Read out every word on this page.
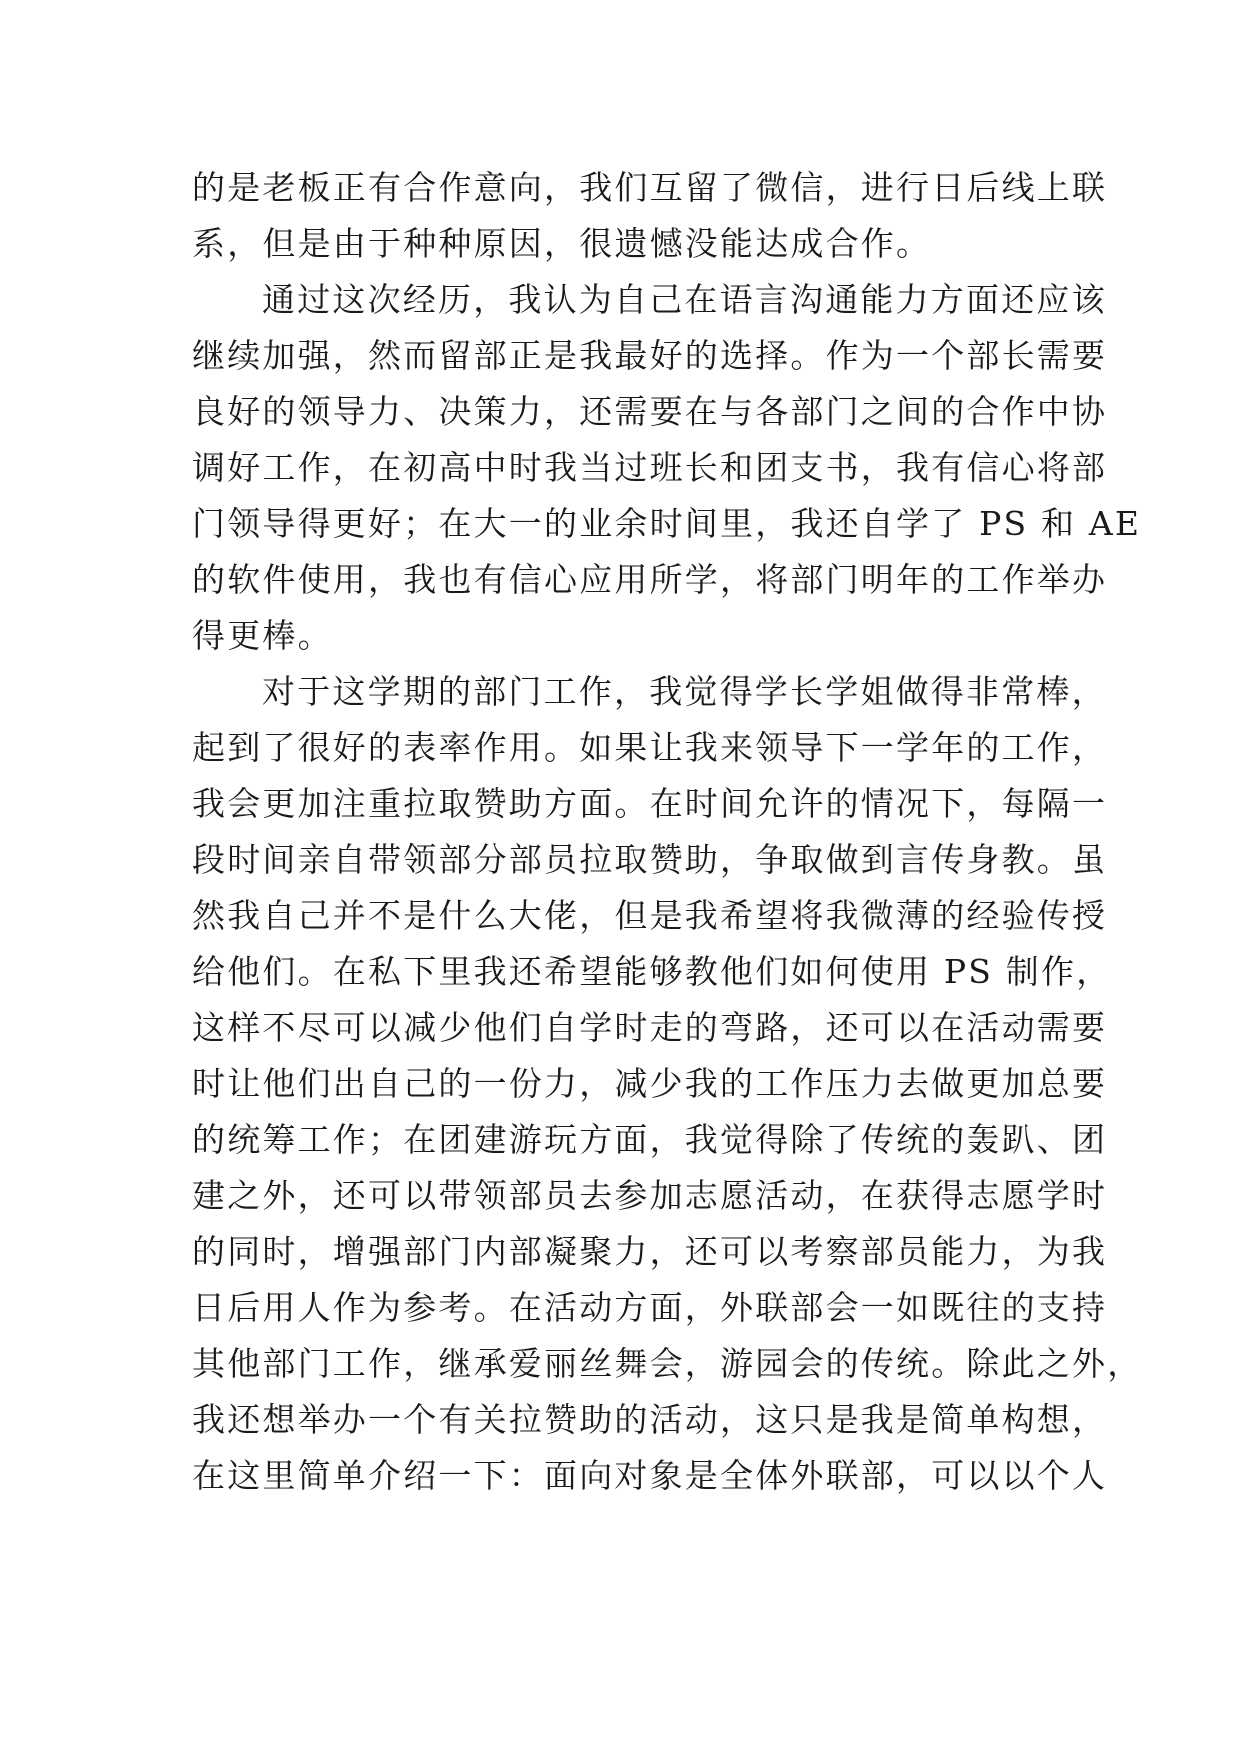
的是老板正有合作意向，我们互留了微信，进行日后线上联
系，但是由于种种原因，很遗憾没能达成合作。
通过这次经历，我认为自己在语言沟通能力方面还应该
继续加强，然而留部正是我最好的选择。作为一个部长需要
良好的领导力、决策力，还需要在与各部门之间的合作中协
调好工作，在初高中时我当过班长和团支书，我有信心将部
门领导得更好；在大一的业余时间里，我还自学了 PS 和 AE
的软件使用，我也有信心应用所学，将部门明年的工作举办
得更棒。
对于这学期的部门工作，我觉得学长学姐做得非常棒，
起到了很好的表率作用。如果让我来领导下一学年的工作，
我会更加注重拉取赞助方面。在时间允许的情况下，每隔一
段时间亲自带领部分部员拉取赞助，争取做到言传身教。虽
然我自己并不是什么大佬，但是我希望将我微薄的经验传授
给他们。在私下里我还希望能够教他们如何使用 PS 制作，
这样不尽可以减少他们自学时走的弯路，还可以在活动需要
时让他们出自己的一份力，减少我的工作压力去做更加总要
的统筹工作；在团建游玩方面，我觉得除了传统的轰趴、团
建之外，还可以带领部员去参加志愿活动，在获得志愿学时
的同时，增强部门内部凝聚力，还可以考察部员能力，为我
日后用人作为参考。在活动方面，外联部会一如既往的支持
其他部门工作，继承爱丽丝舞会，游园会的传统。除此之外，
我还想举办一个有关拉赞助的活动，这只是我是简单构想，
在这里简单介绍一下：面向对象是全体外联部，可以以个人
